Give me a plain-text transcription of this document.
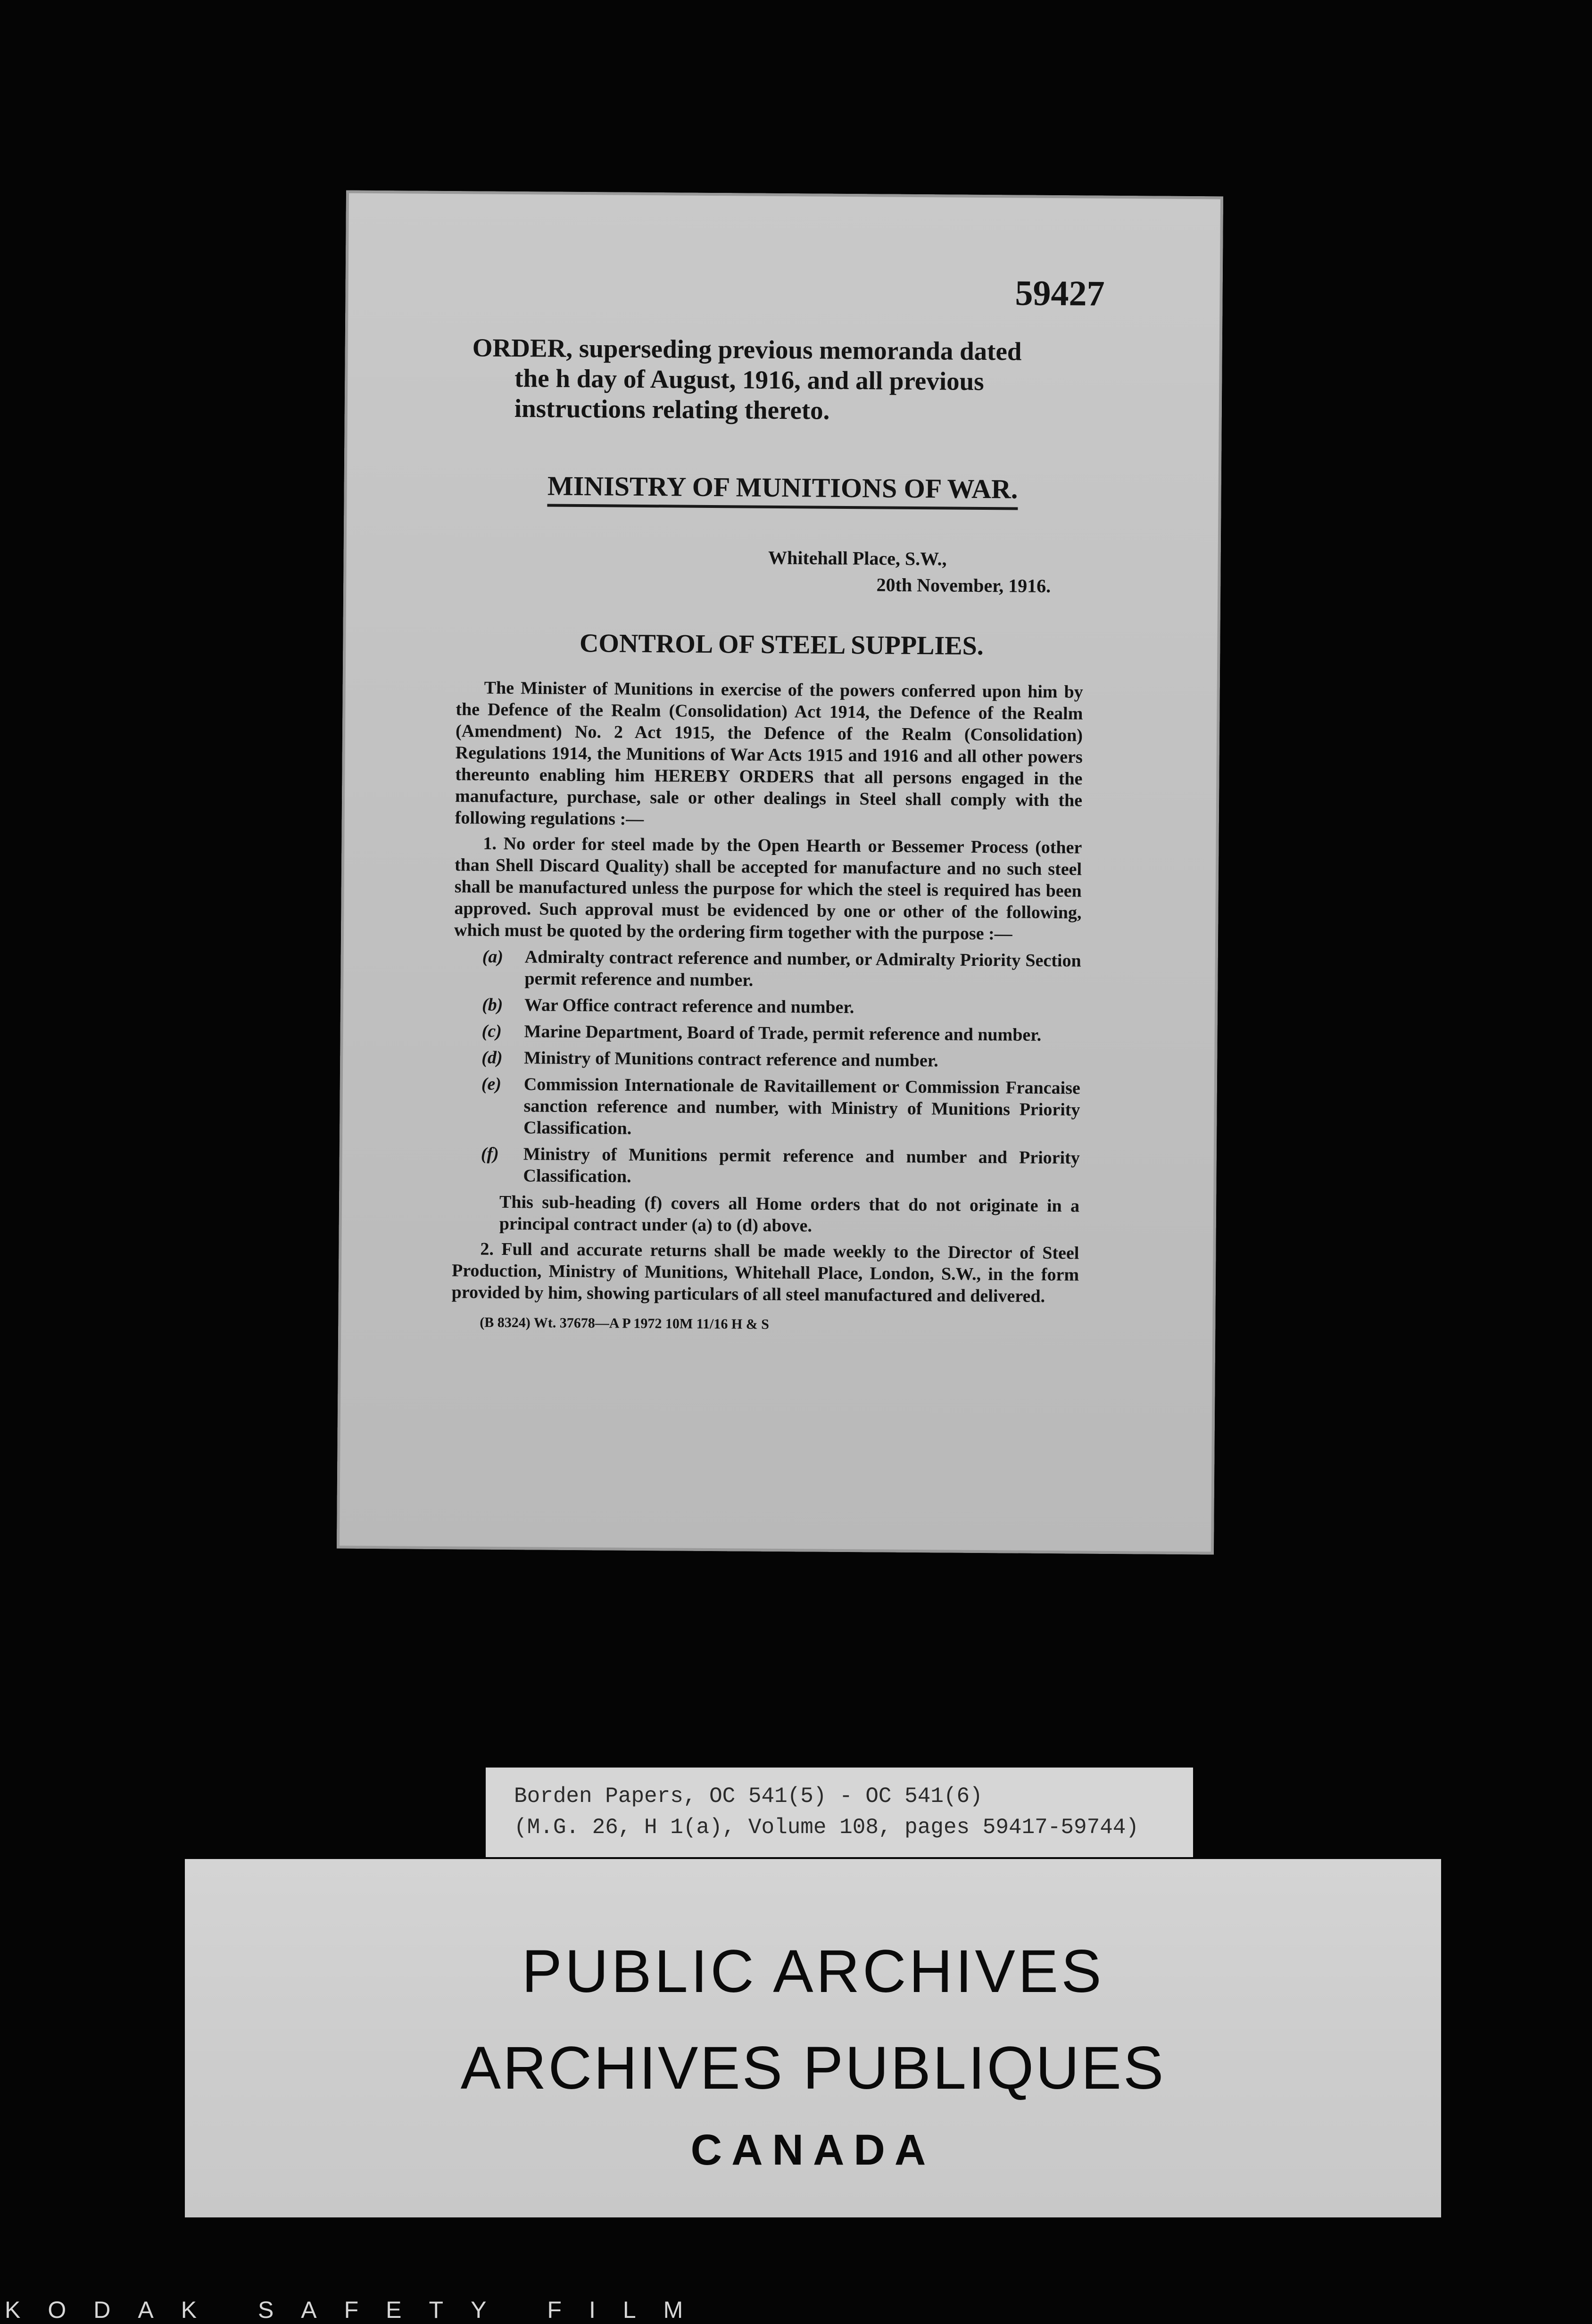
59427
ORDER, superseding previous memoranda dated
the h day of August, 1916, and all previous
instructions relating thereto.
MINISTRY OF MUNITIONS OF WAR.
Whitehall Place, S.W.,
20th November, 1916.
CONTROL OF STEEL SUPPLIES.

The Minister of Munitions in exercise of the powers conferred upon him by the Defence of the Realm (Consolidation) Act 1914, the Defence of the Realm (Amendment) No. 2 Act 1915, the Defence of the Realm (Consolidation) Regulations 1914, the Munitions of War Acts 1915 and 1916 and all other powers thereunto enabling him HEREBY ORDERS that all persons engaged in the manufacture, purchase, sale or other dealings in Steel shall comply with the following regulations :—

1. No order for steel made by the Open Hearth or Bessemer Process (other than Shell Discard Quality) shall be accepted for manufacture and no such steel shall be manufactured unless the purpose for which the steel is required has been approved. Such approval must be evidenced by one or other of the following, which must be quoted by the ordering firm together with the purpose :—

(a)	Admiralty contract reference and number, or Admiralty Priority Section permit reference and number.
(b)	War Office contract reference and number.
(c)	Marine Department, Board of Trade, permit reference and number.
(d)	Ministry of Munitions contract reference and number.
(e)	Commission Internationale de Ravitaillement or Commission Francaise sanction reference and number, with Ministry of Munitions Priority Classification.
(f)	Ministry of Munitions permit reference and number and Priority Classification.

This sub-heading (f) covers all Home orders that do not originate in a principal contract under (a) to (d) above.

2. Full and accurate returns shall be made weekly to the Director of Steel Production, Ministry of Munitions, Whitehall Place, London, S.W., in the form provided by him, showing particulars of all steel manufactured and delivered.

(B 8324) Wt. 37678—A P 1972 10M 11/16 H & S

Borden Papers, OC 541(5) - OC 541(6)
(M.G. 26, H 1(a), Volume 108, pages 59417-59744)
PUBLIC ARCHIVES
ARCHIVES PUBLIQUES
CANADA
KODAK SAFETY FILM
